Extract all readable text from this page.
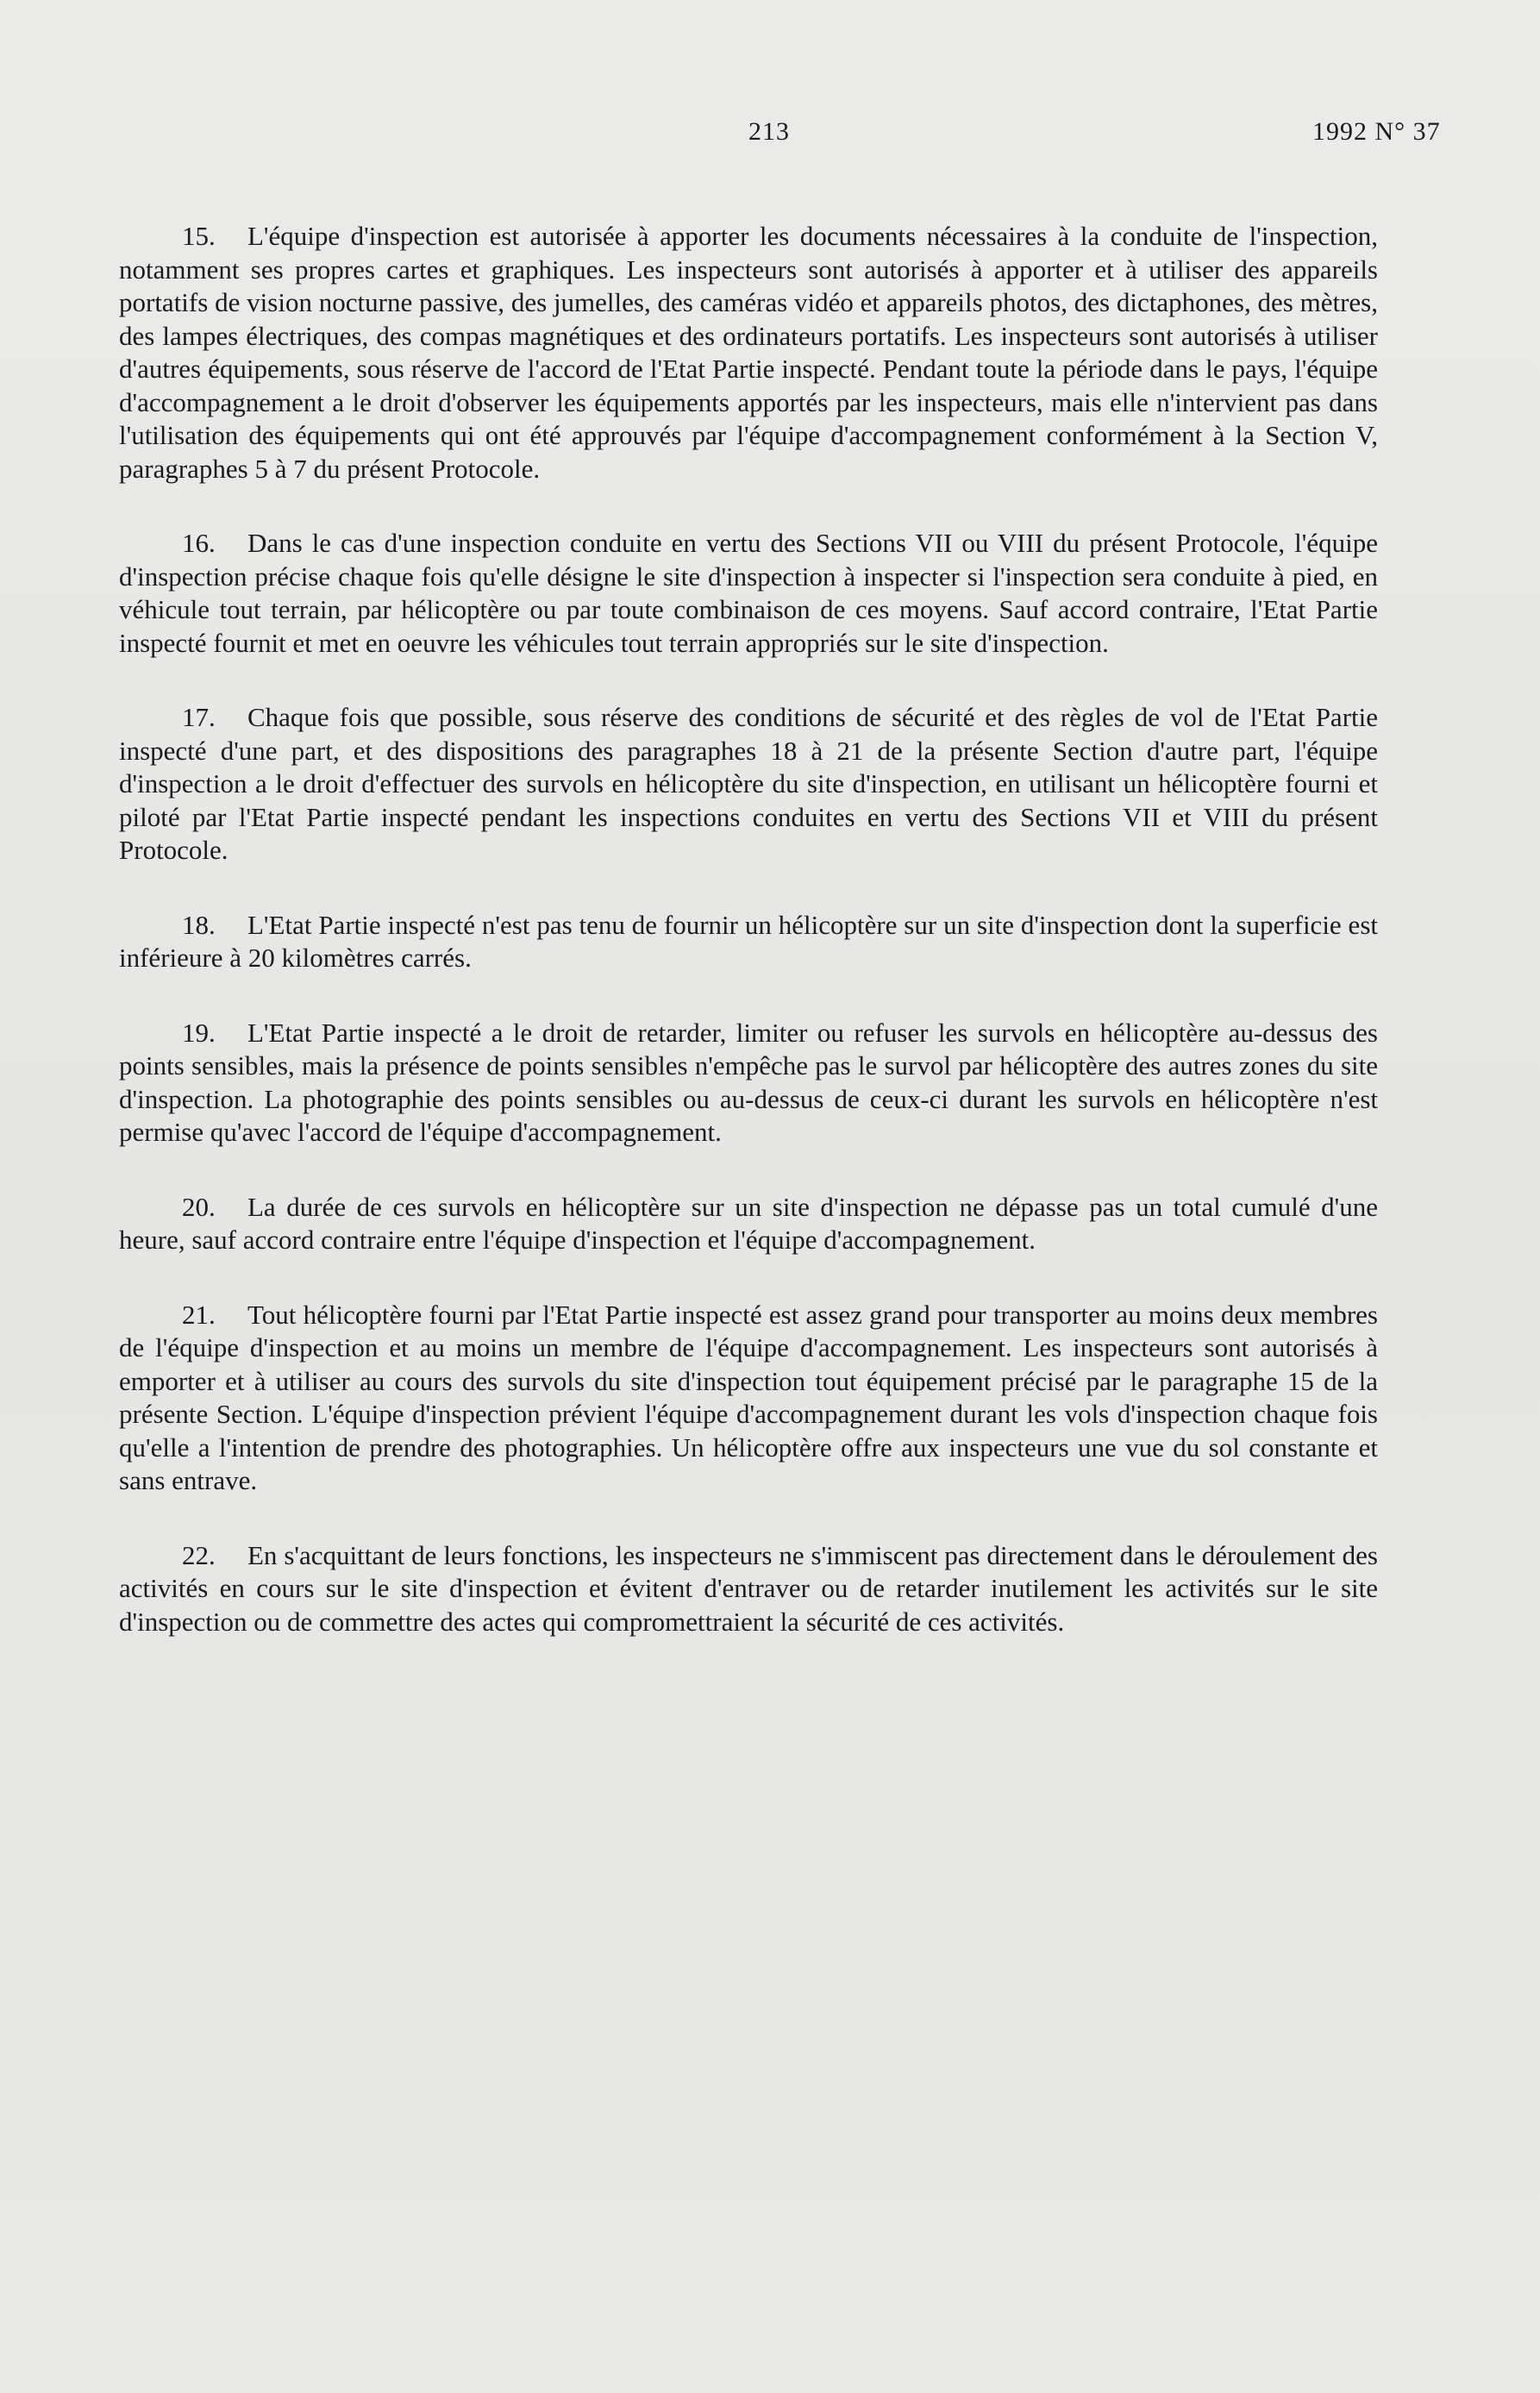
213	1992 N° 37

15. L'équipe d'inspection est autorisée à apporter les documents nécessaires à la conduite de l'inspection, notamment ses propres cartes et graphiques. Les inspecteurs sont autorisés à apporter et à utiliser des appareils portatifs de vision nocturne passive, des jumelles, des caméras vidéo et appareils photos, des dictaphones, des mètres, des lampes électriques, des compas magnétiques et des ordinateurs portatifs. Les inspecteurs sont autorisés à utiliser d'autres équipements, sous réserve de l'accord de l'Etat Partie inspecté. Pendant toute la période dans le pays, l'équipe d'accompagnement a le droit d'observer les équipements apportés par les inspecteurs, mais elle n'intervient pas dans l'utilisation des équipements qui ont été approuvés par l'équipe d'accompagnement conformément à la Section V, paragraphes 5 à 7 du présent Protocole.

16. Dans le cas d'une inspection conduite en vertu des Sections VII ou VIII du présent Protocole, l'équipe d'inspection précise chaque fois qu'elle désigne le site d'inspection à inspecter si l'inspection sera conduite à pied, en véhicule tout terrain, par hélicoptère ou par toute combinaison de ces moyens. Sauf accord contraire, l'Etat Partie inspecté fournit et met en oeuvre les véhicules tout terrain appropriés sur le site d'inspection.

17. Chaque fois que possible, sous réserve des conditions de sécurité et des règles de vol de l'Etat Partie inspecté d'une part, et des dispositions des paragraphes 18 à 21 de la présente Section d'autre part, l'équipe d'inspection a le droit d'effectuer des survols en hélicoptère du site d'inspection, en utilisant un hélicoptère fourni et piloté par l'Etat Partie inspecté pendant les inspections conduites en vertu des Sections VII et VIII du présent Protocole.

18. L'Etat Partie inspecté n'est pas tenu de fournir un hélicoptère sur un site d'inspection dont la superficie est inférieure à 20 kilomètres carrés.

19. L'Etat Partie inspecté a le droit de retarder, limiter ou refuser les survols en hélicoptère au-dessus des points sensibles, mais la présence de points sensibles n'empêche pas le survol par hélicoptère des autres zones du site d'inspection. La photographie des points sensibles ou au-dessus de ceux-ci durant les survols en hélicoptère n'est permise qu'avec l'accord de l'équipe d'accompagnement.

20. La durée de ces survols en hélicoptère sur un site d'inspection ne dépasse pas un total cumulé d'une heure, sauf accord contraire entre l'équipe d'inspection et l'équipe d'accompagnement.

21. Tout hélicoptère fourni par l'Etat Partie inspecté est assez grand pour transporter au moins deux membres de l'équipe d'inspection et au moins un membre de l'équipe d'accompagnement. Les inspecteurs sont autorisés à emporter et à utiliser au cours des survols du site d'inspection tout équipement précisé par le paragraphe 15 de la présente Section. L'équipe d'inspection prévient l'équipe d'accompagnement durant les vols d'inspection chaque fois qu'elle a l'intention de prendre des photographies. Un hélicoptère offre aux inspecteurs une vue du sol constante et sans entrave.

22. En s'acquittant de leurs fonctions, les inspecteurs ne s'immiscent pas directement dans le déroulement des activités en cours sur le site d'inspection et évitent d'entraver ou de retarder inutilement les activités sur le site d'inspection ou de commettre des actes qui compromettraient la sécurité de ces activités.
